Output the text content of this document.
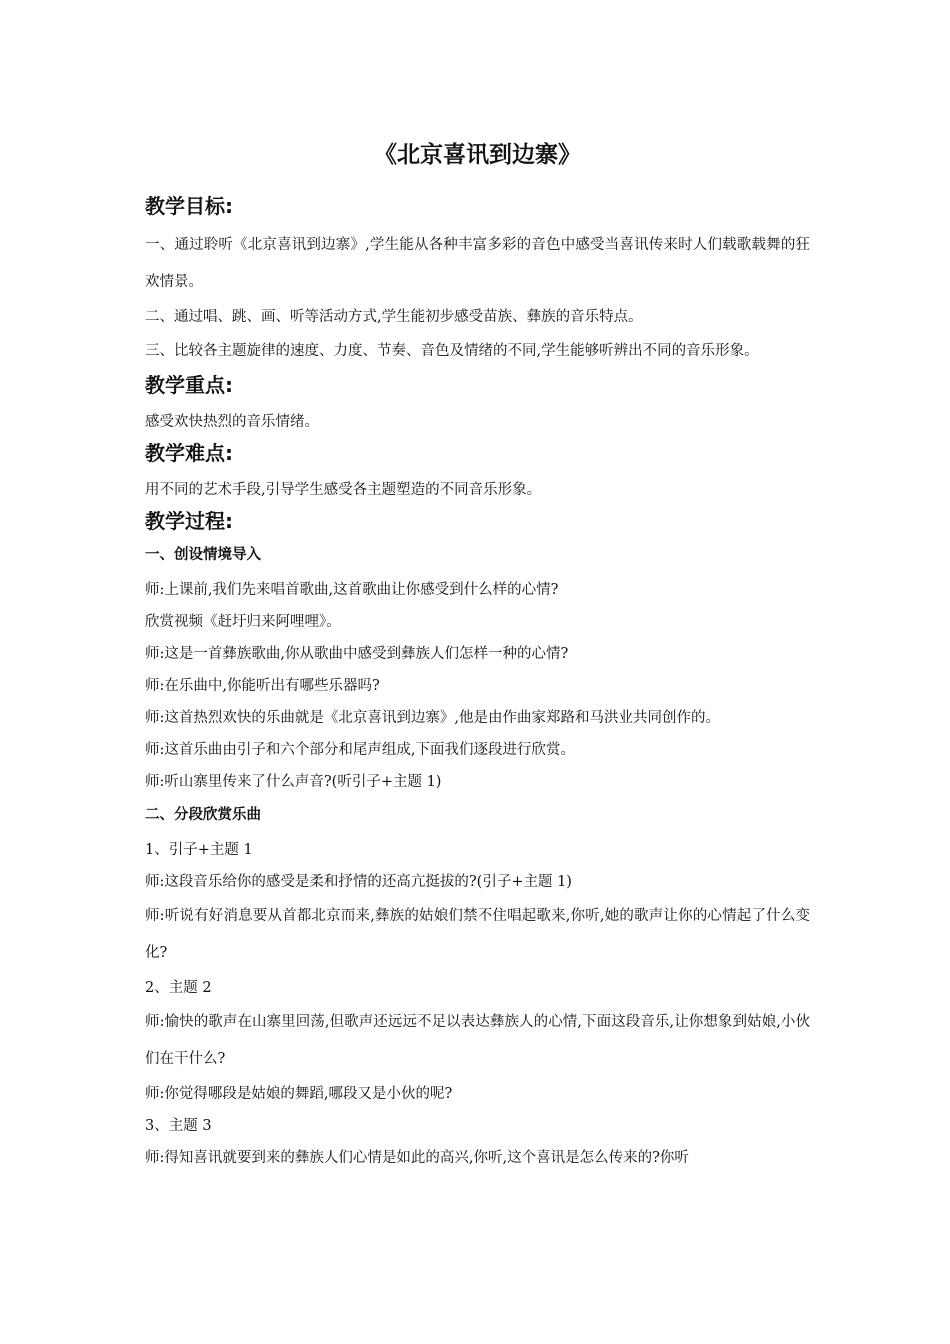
《北京喜讯到边寨》
教学目标:

一、通过聆听《北京喜讯到边寨》,学生能从各种丰富多彩的音色中感受当喜讯传来时人们载歌载舞的狂欢情景。

二、通过唱、跳、画、听等活动方式,学生能初步感受苗族、彝族的音乐特点。

三、比较各主题旋律的速度、力度、节奏、音色及情绪的不同,学生能够听辨出不同的音乐形象。

教学重点:

感受欢快热烈的音乐情绪。

教学难点:

用不同的艺术手段,引导学生感受各主题塑造的不同音乐形象。

教学过程:
一、创设情境导入

师:上课前,我们先来唱首歌曲,这首歌曲让你感受到什么样的心情?

欣赏视频《赶圩归来阿哩哩》。

师:这是一首彝族歌曲,你从歌曲中感受到彝族人们怎样一种的心情?

师:在乐曲中,你能听出有哪些乐器吗?

师:这首热烈欢快的乐曲就是《北京喜讯到边寨》,他是由作曲家郑路和马洪业共同创作的。

师:这首乐曲由引子和六个部分和尾声组成,下面我们逐段进行欣赏。

师:听山寨里传来了什么声音?(听引子+主题 1)

二、分段欣赏乐曲

1、引子+主题 1

师:这段音乐给你的感受是柔和抒情的还高亢挺拔的?(引子+主题 1)

师:听说有好消息要从首都北京而来,彝族的姑娘们禁不住唱起歌来,你听,她的歌声让你的心情起了什么变化?

2、主题 2

师:愉快的歌声在山寨里回荡,但歌声还远远不足以表达彝族人的心情,下面这段音乐,让你想象到姑娘,小伙们在干什么?

师:你觉得哪段是姑娘的舞蹈,哪段又是小伙的呢?

3、主题 3

师:得知喜讯就要到来的彝族人们心情是如此的高兴,你听,这个喜讯是怎么传来的?你听
